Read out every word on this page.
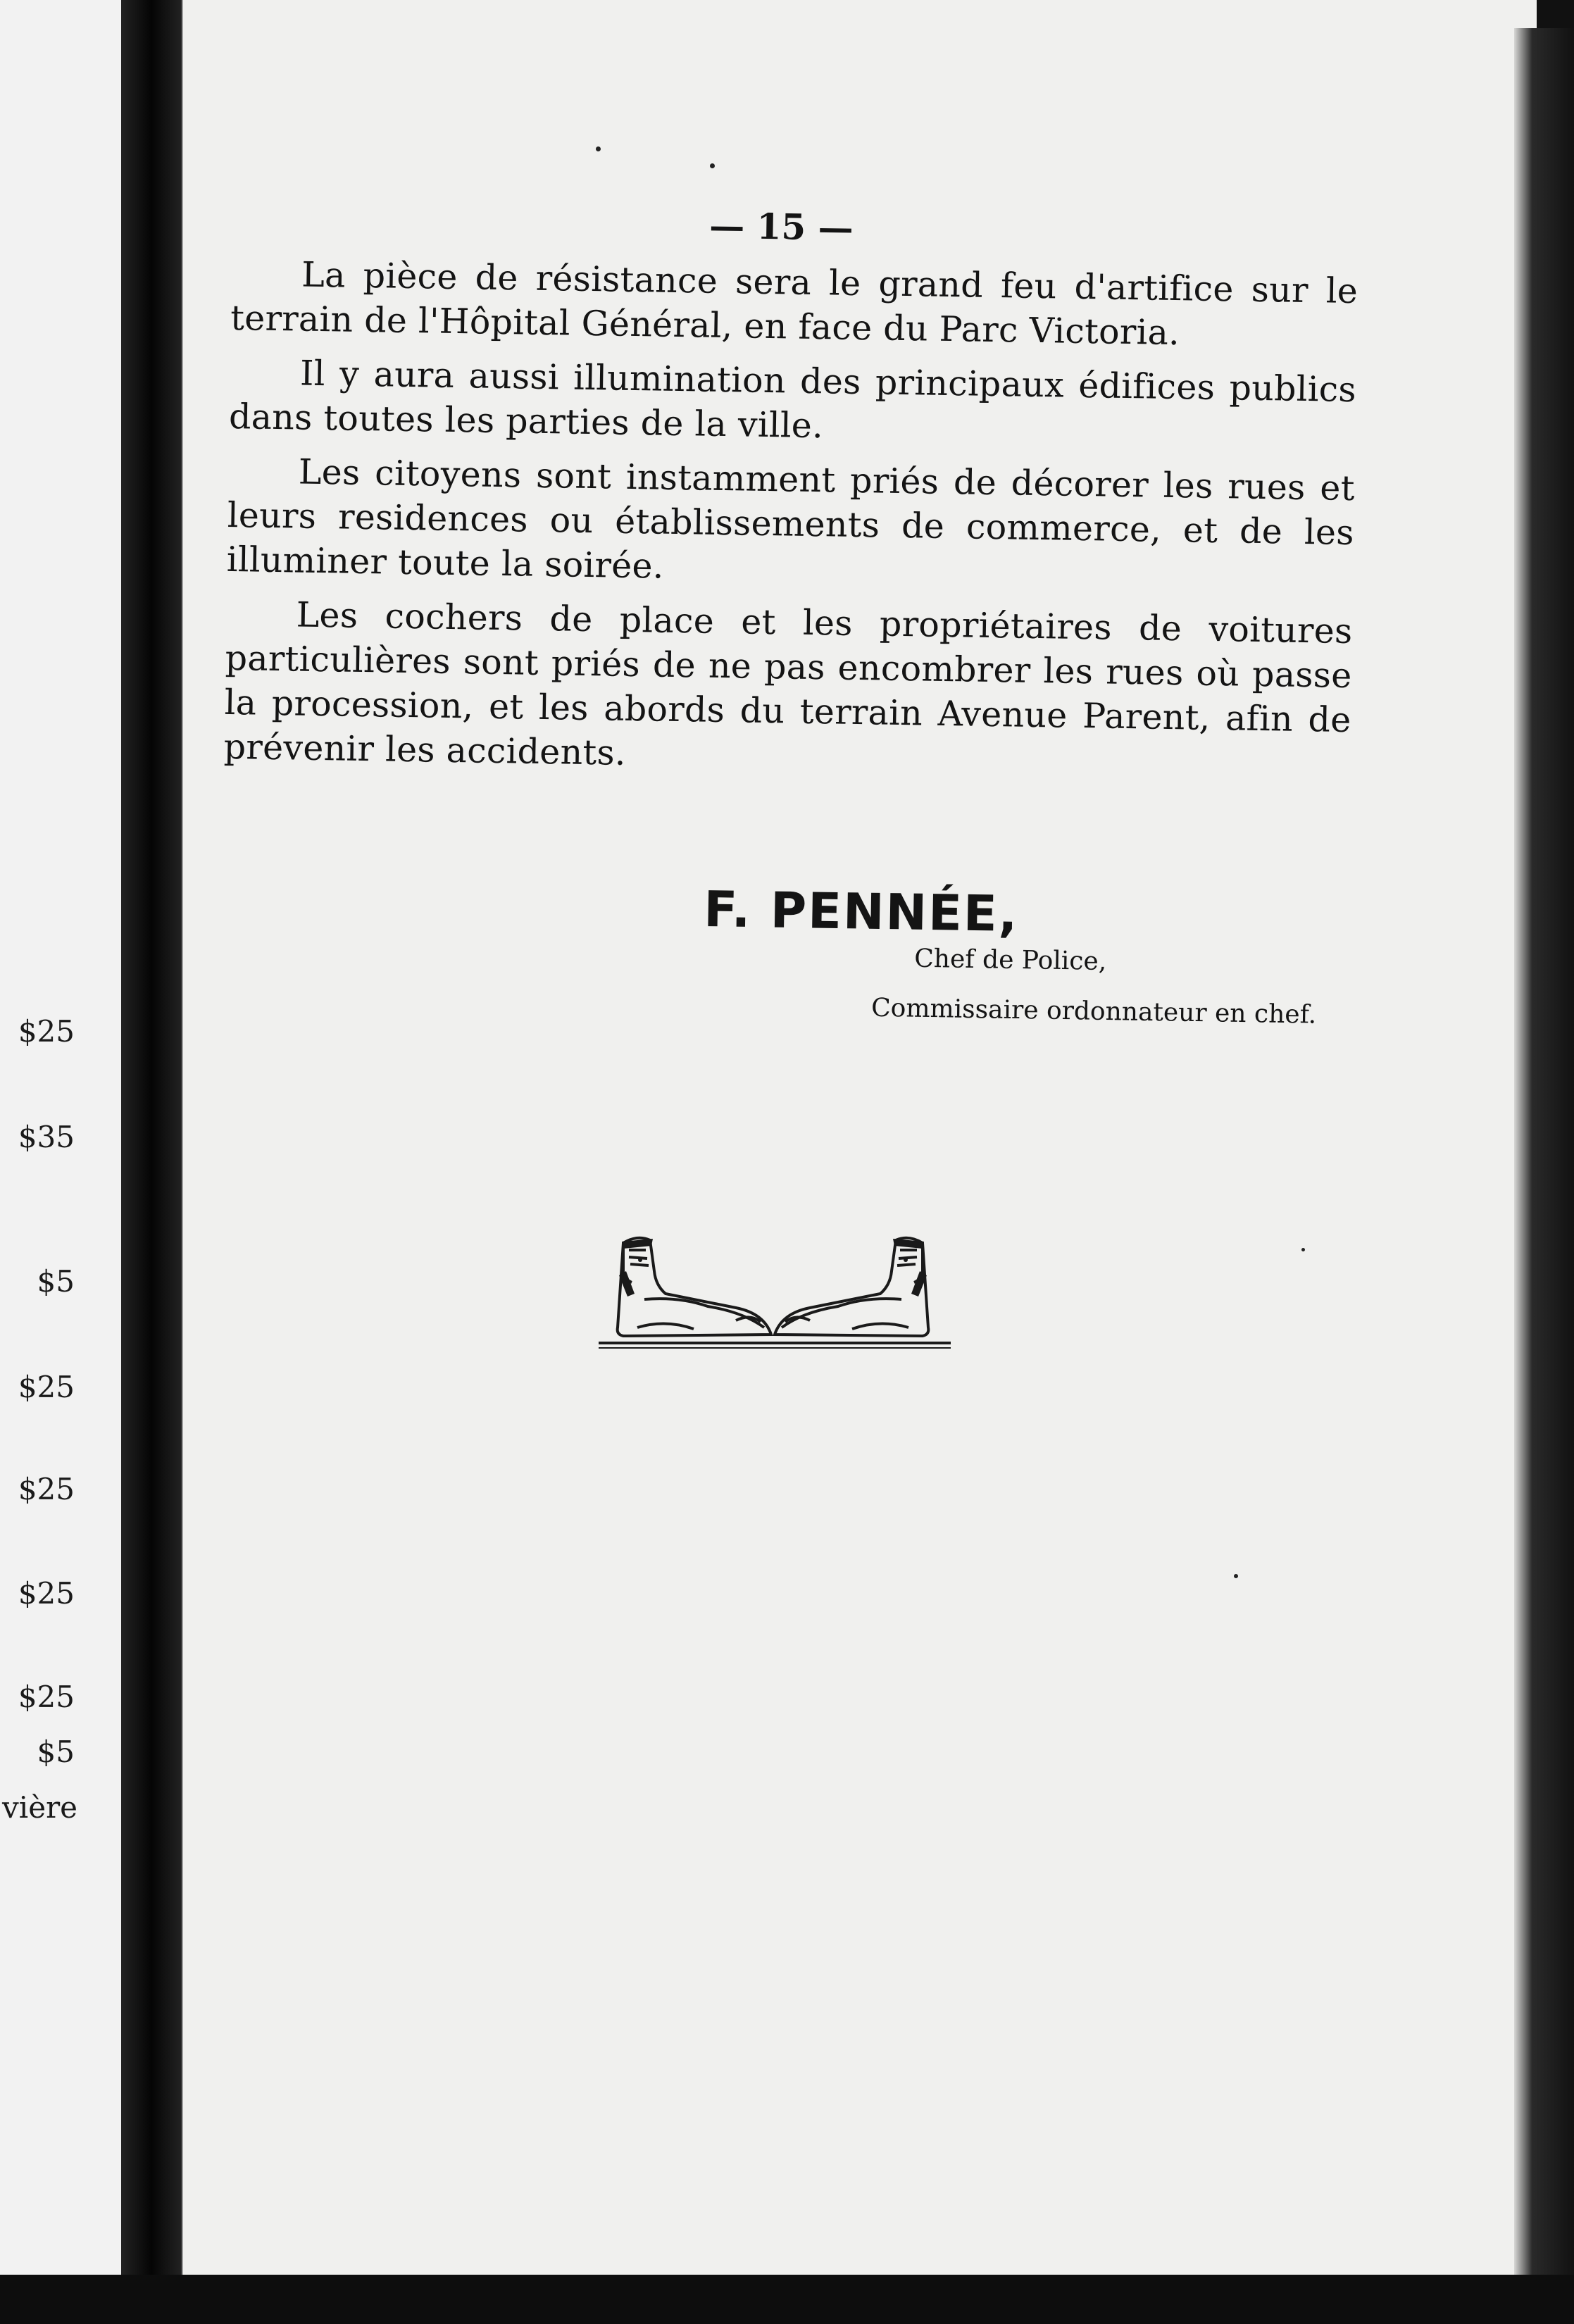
$25
$35
$5
$25
$25
$25
$25
$5
vière
— 15 —

La pièce de résistance sera le grand feu d'artifice sur le terrain de l'Hôpital Général, en face du Parc Victoria.

Il y aura aussi illumination des principaux édifices publics dans toutes les parties de la ville.

Les citoyens sont instamment priés de décorer les rues et leurs residences ou établissements de commerce, et de les illuminer toute la soirée.

Les cochers de place et les propriétaires de voitures particulières sont priés de ne pas encombrer les rues où passe la procession, et les abords du terrain Avenue Parent, afin de prévenir les accidents.

F. PENNÉE,
Chef de Police,
Commissaire ordonnateur en chef.
